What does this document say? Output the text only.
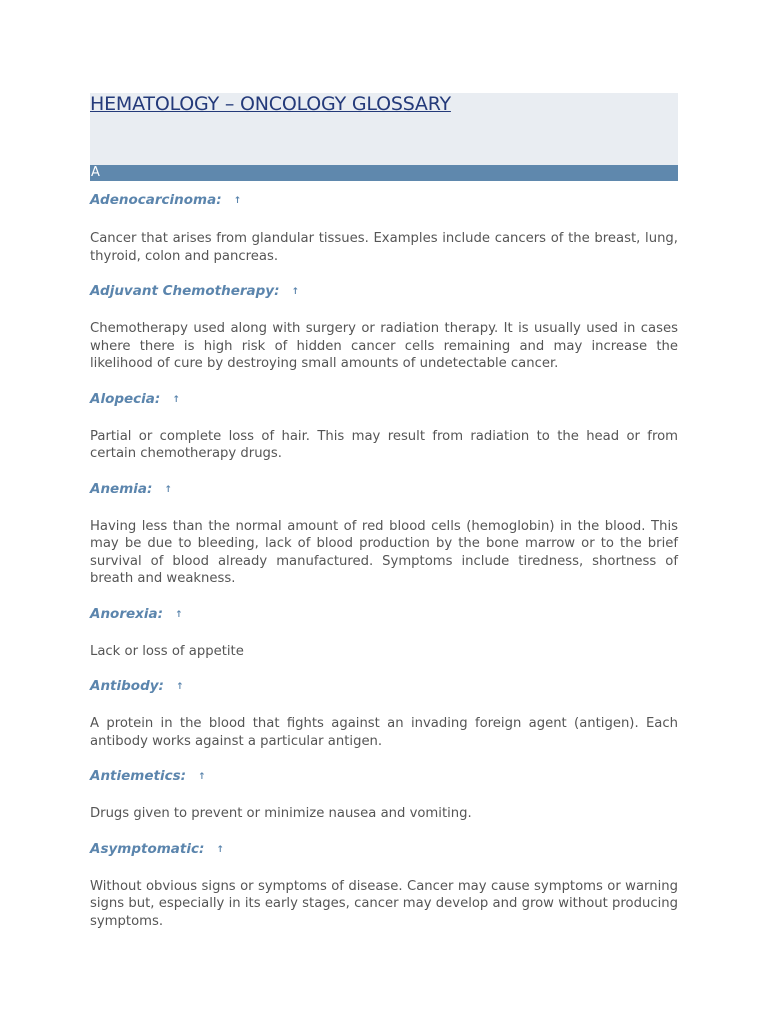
HEMATOLOGY – ONCOLOGY GLOSSARY
A

Adenocarcinoma: ↑

Cancer that arises from glandular tissues. Examples include cancers of the breast, lung, thyroid, colon and pancreas.

Adjuvant Chemotherapy: ↑

Chemotherapy used along with surgery or radiation therapy. It is usually used in cases where there is high risk of hidden cancer cells remaining and may increase the likelihood of cure by destroying small amounts of undetectable cancer.

Alopecia: ↑

Partial or complete loss of hair. This may result from radiation to the head or from certain chemotherapy drugs.

Anemia: ↑

Having less than the normal amount of red blood cells (hemoglobin) in the blood. This may be due to bleeding, lack of blood production by the bone marrow or to the brief survival of blood already manufactured. Symptoms include tiredness, shortness of breath and weakness.

Anorexia: ↑

Lack or loss of appetite

Antibody: ↑

A protein in the blood that fights against an invading foreign agent (antigen). Each antibody works against a particular antigen.

Antiemetics: ↑

Drugs given to prevent or minimize nausea and vomiting.

Asymptomatic: ↑

Without obvious signs or symptoms of disease. Cancer may cause symptoms or warning signs but, especially in its early stages, cancer may develop and grow without producing symptoms.
